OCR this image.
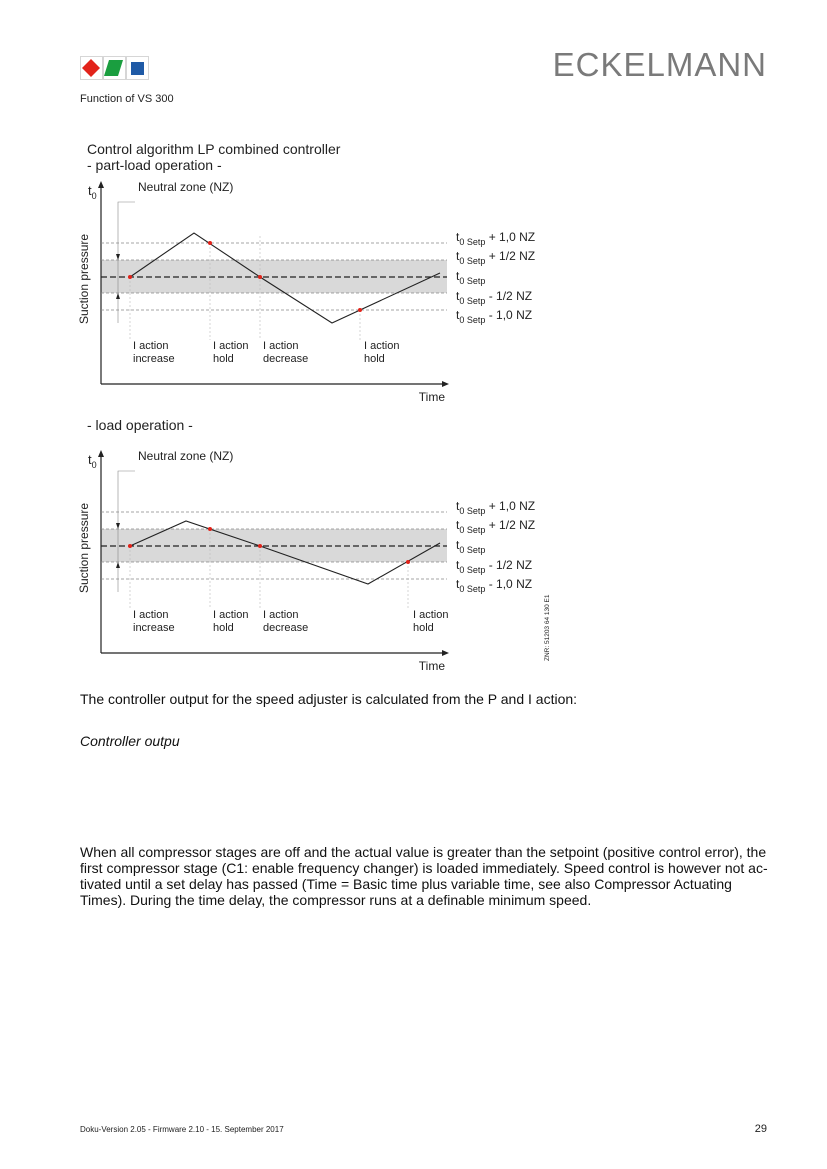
ECKELMANN
Function of VS 300
Control algorithm LP combined controller
- part-load operation -
$t_0$
Suction pressure
Neutral zone (NZ)
Time
$t_{0 Setp} + 1,0$ NZ
$t_{0 Setp} + 1/2$ NZ
$t_{0 Setp}$
$t_{0 Setp} - 1/2$ NZ
$t_{0 Setp} - 1,0$ NZ
I action
increase
I action
hold
I action
decrease
I action
hold
- load operation -
$t_0$
Suction pressure
Neutral zone (NZ)
Time
$t_{0 Setp} + 1,0$ NZ
$t_{0 Setp} + 1/2$ NZ
$t_{0 Setp}$
$t_{0 Setp} - 1/2$ NZ
$t_{0 Setp} - 1,0$ NZ
I action
increase
I action
hold
I action
decrease
I action
hold	ZNR: 51203 64 130 E1
The controller output for the speed adjuster is calculated from the P and I action:
Controller outpu
When all compressor stages are off and the actual value is greater than the setpoint (positive control error), the
first compressor stage (C1: enable frequency changer) is loaded immediately. Speed control is however not ac-
tivated until a set delay has passed (Time = Basic time plus variable time, see also Compressor Actuating
Times). During the time delay, the compressor runs at a definable minimum speed.
Doku-Version 2.05 - Firmware 2.10 - 15. September 2017	29
